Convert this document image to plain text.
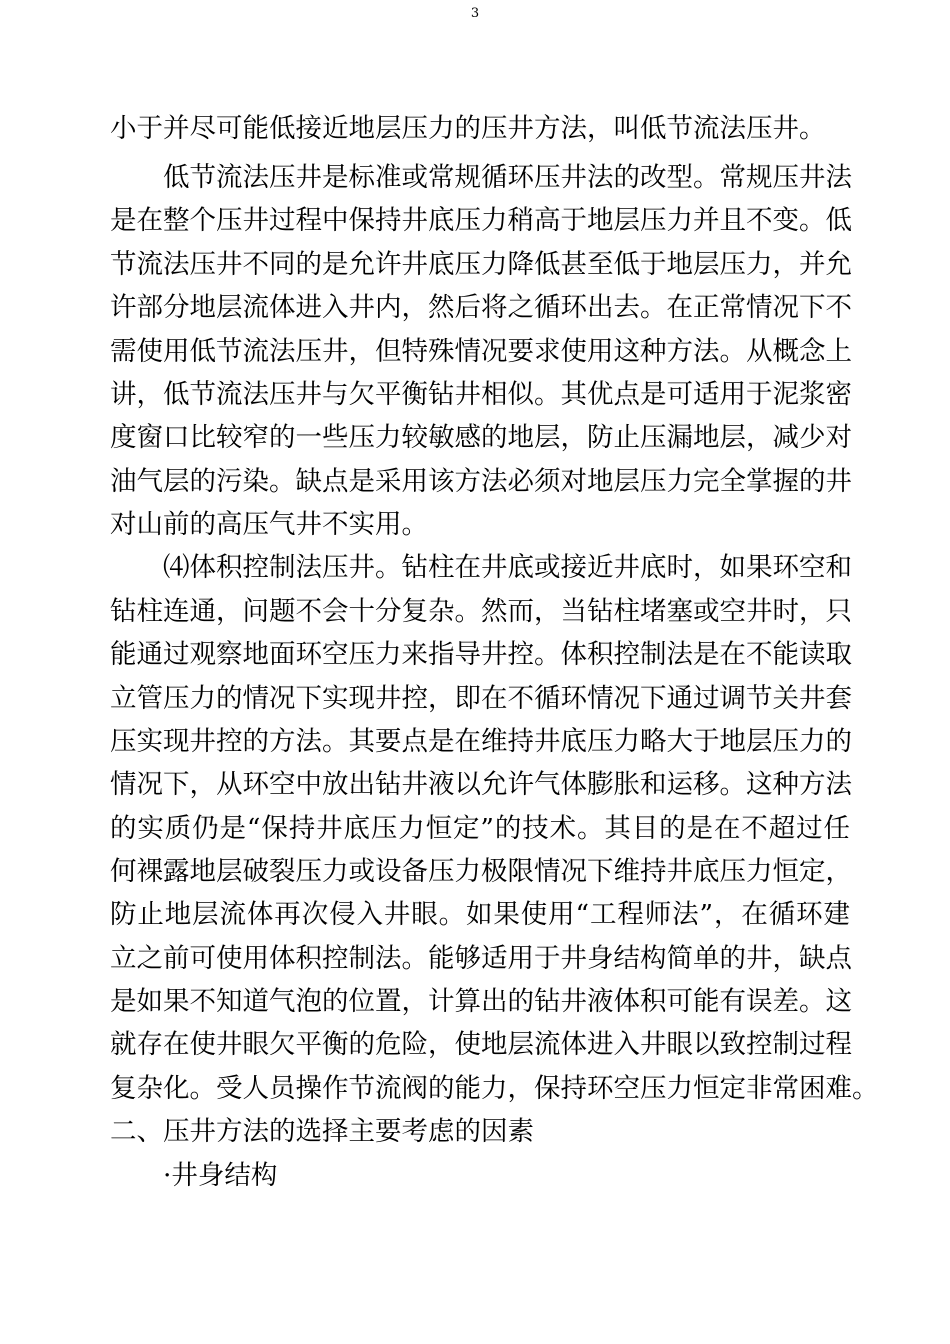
3
小于并尽可能低接近地层压力的压井方法，叫低节流法压井。
低节流法压井是标准或常规循环压井法的改型。常规压井法
是在整个压井过程中保持井底压力稍高于地层压力并且不变。低
节流法压井不同的是允许井底压力降低甚至低于地层压力，并允
许部分地层流体进入井内，然后将之循环出去。在正常情况下不
需使用低节流法压井，但特殊情况要求使用这种方法。从概念上
讲，低节流法压井与欠平衡钻井相似。其优点是可适用于泥浆密
度窗口比较窄的一些压力较敏感的地层，防止压漏地层，减少对
油气层的污染。缺点是采用该方法必须对地层压力完全掌握的井
对山前的高压气井不实用。
⑷体积控制法压井。钻柱在井底或接近井底时，如果环空和
钻柱连通，问题不会十分复杂。然而，当钻柱堵塞或空井时，只
能通过观察地面环空压力来指导井控。体积控制法是在不能读取
立管压力的情况下实现井控，即在不循环情况下通过调节关井套
压实现井控的方法。其要点是在维持井底压力略大于地层压力的
情况下，从环空中放出钻井液以允许气体膨胀和运移。这种方法
的实质仍是“保持井底压力恒定”的技术。其目的是在不超过任
何裸露地层破裂压力或设备压力极限情况下维持井底压力恒定，
防止地层流体再次侵入井眼。如果使用“工程师法”，在循环建
立之前可使用体积控制法。能够适用于井身结构简单的井，缺点
是如果不知道气泡的位置，计算出的钻井液体积可能有误差。这
就存在使井眼欠平衡的危险，使地层流体进入井眼以致控制过程
复杂化。受人员操作节流阀的能力，保持环空压力恒定非常困难。
二、压井方法的选择主要考虑的因素
·井身结构
